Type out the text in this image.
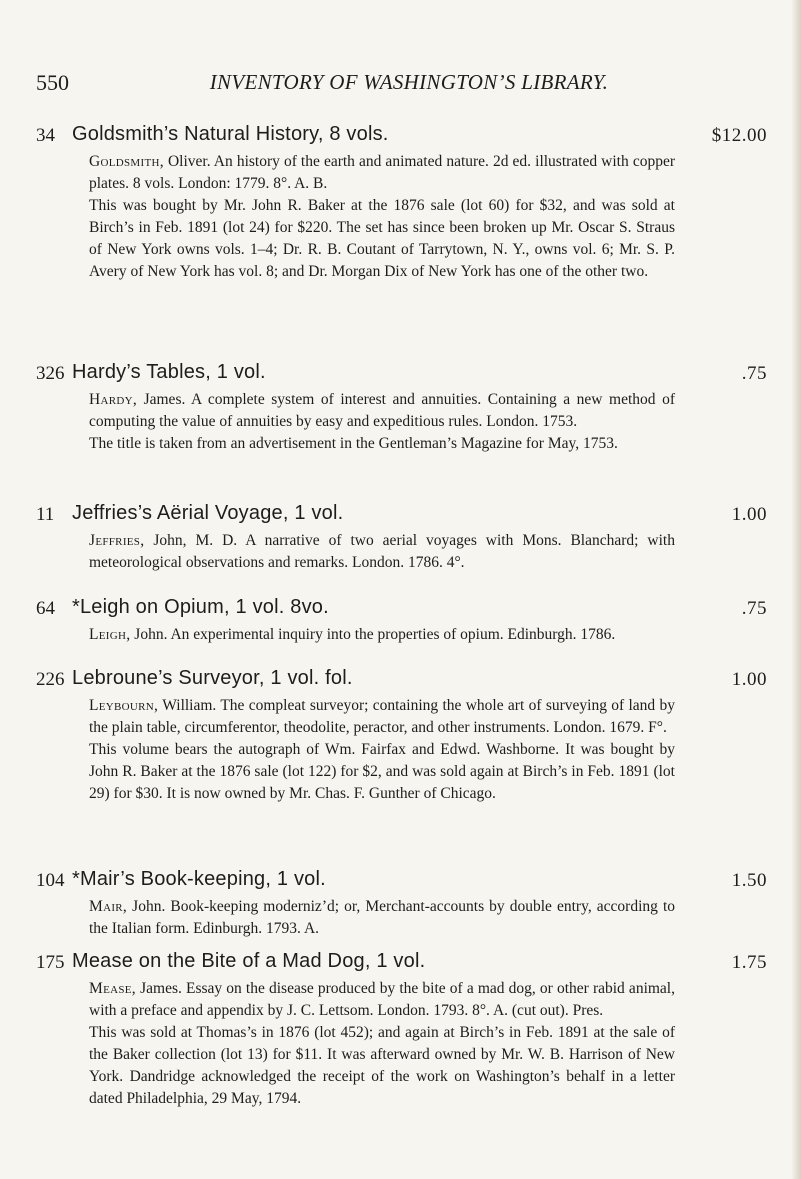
550	INVENTORY OF WASHINGTON’S LIBRARY.
34 Goldsmith’s Natural History, 8 vols.	$12.00

Goldsmith, Oliver. An history of the earth and animated nature. 2d ed. illustrated with copper plates. 8 vols. London: 1779. 8°. A. B.

This was bought by Mr. John R. Baker at the 1876 sale (lot 60) for $32, and was sold at Birch’s in Feb. 1891 (lot 24) for $220. The set has since been broken up Mr. Oscar S. Straus of New York owns vols. 1–4; Dr. R. B. Coutant of Tarrytown, N. Y., owns vol. 6; Mr. S. P. Avery of New York has vol. 8; and Dr. Morgan Dix of New York has one of the other two.

326 Hardy’s Tables, 1 vol.	.75

Hardy, James. A complete system of interest and annuities. Containing a new method of computing the value of annuities by easy and expeditious rules. London. 1753.

The title is taken from an advertisement in the Gentleman’s Magazine for May, 1753.

11 Jeffries’s Aërial Voyage, 1 vol.	1.00

Jeffries, John, M. D. A narrative of two aerial voyages with Mons. Blanchard; with meteorological observations and remarks. London. 1786. 4°.

64 *Leigh on Opium, 1 vol. 8vo.	.75

Leigh, John. An experimental inquiry into the properties of opium. Edinburgh. 1786.

226 Lebroune’s Surveyor, 1 vol. fol.	1.00

Leybourn, William. The compleat surveyor; containing the whole art of surveying of land by the plain table, circumferentor, theodolite, peractor, and other instruments. London. 1679. F°.

This volume bears the autograph of Wm. Fairfax and Edwd. Washborne. It was bought by John R. Baker at the 1876 sale (lot 122) for $2, and was sold again at Birch’s in Feb. 1891 (lot 29) for $30. It is now owned by Mr. Chas. F. Gunther of Chicago.

104 *Mair’s Book-keeping, 1 vol.	1.50

Mair, John. Book-keeping moderniz’d; or, Merchant-accounts by double entry, according to the Italian form. Edinburgh. 1793. A.

175 Mease on the Bite of a Mad Dog, 1 vol.	1.75

Mease, James. Essay on the disease produced by the bite of a mad dog, or other rabid animal, with a preface and appendix by J. C. Lettsom. London. 1793. 8°. A. (cut out). Pres.

This was sold at Thomas’s in 1876 (lot 452); and again at Birch’s in Feb. 1891 at the sale of the Baker collection (lot 13) for $11. It was afterward owned by Mr. W. B. Harrison of New York. Dandridge acknowledged the receipt of the work on Washington’s behalf in a letter dated Philadelphia, 29 May, 1794.
